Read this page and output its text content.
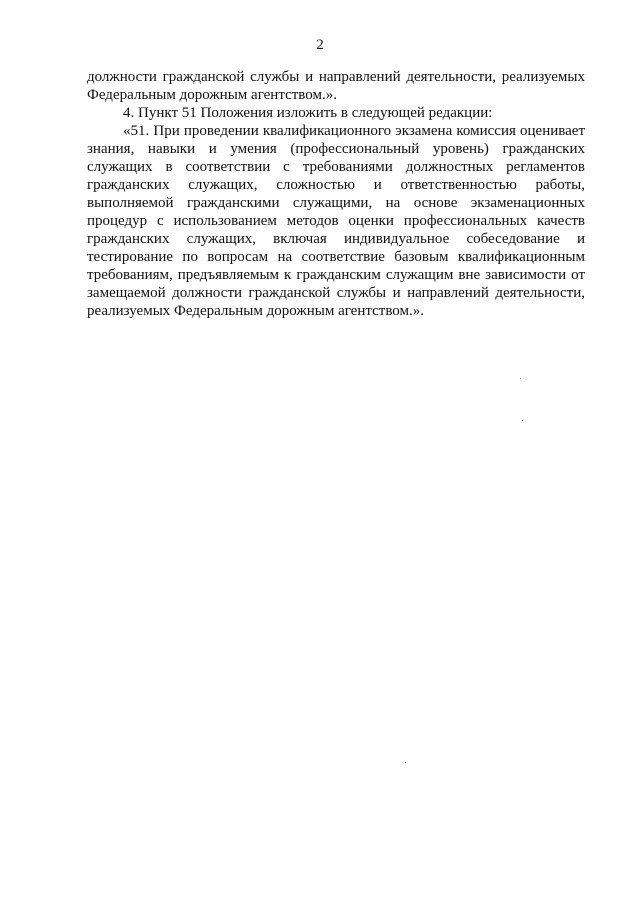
2

должности гражданской службы и направлений деятельности, реализуемых Федеральным дорожным агентством.».

4. Пункт 51 Положения изложить в следующей редакции:

«51. При проведении квалификационного экзамена комиссия оценивает знания, навыки и умения (профессиональный уровень) гражданских служащих в соответствии с требованиями должностных регламентов гражданских служащих, сложностью и ответственностью работы, выполняемой гражданскими служащими, на основе экзаменационных процедур с использованием методов оценки профессиональных качеств гражданских служащих, включая индивидуальное собеседование и тестирование по вопросам на соответствие базовым квалификационным требованиям, предъявляемым к гражданским служащим вне зависимости от замещаемой должности гражданской службы и направлений деятельности, реализуемых Федеральным дорожным агентством.».
